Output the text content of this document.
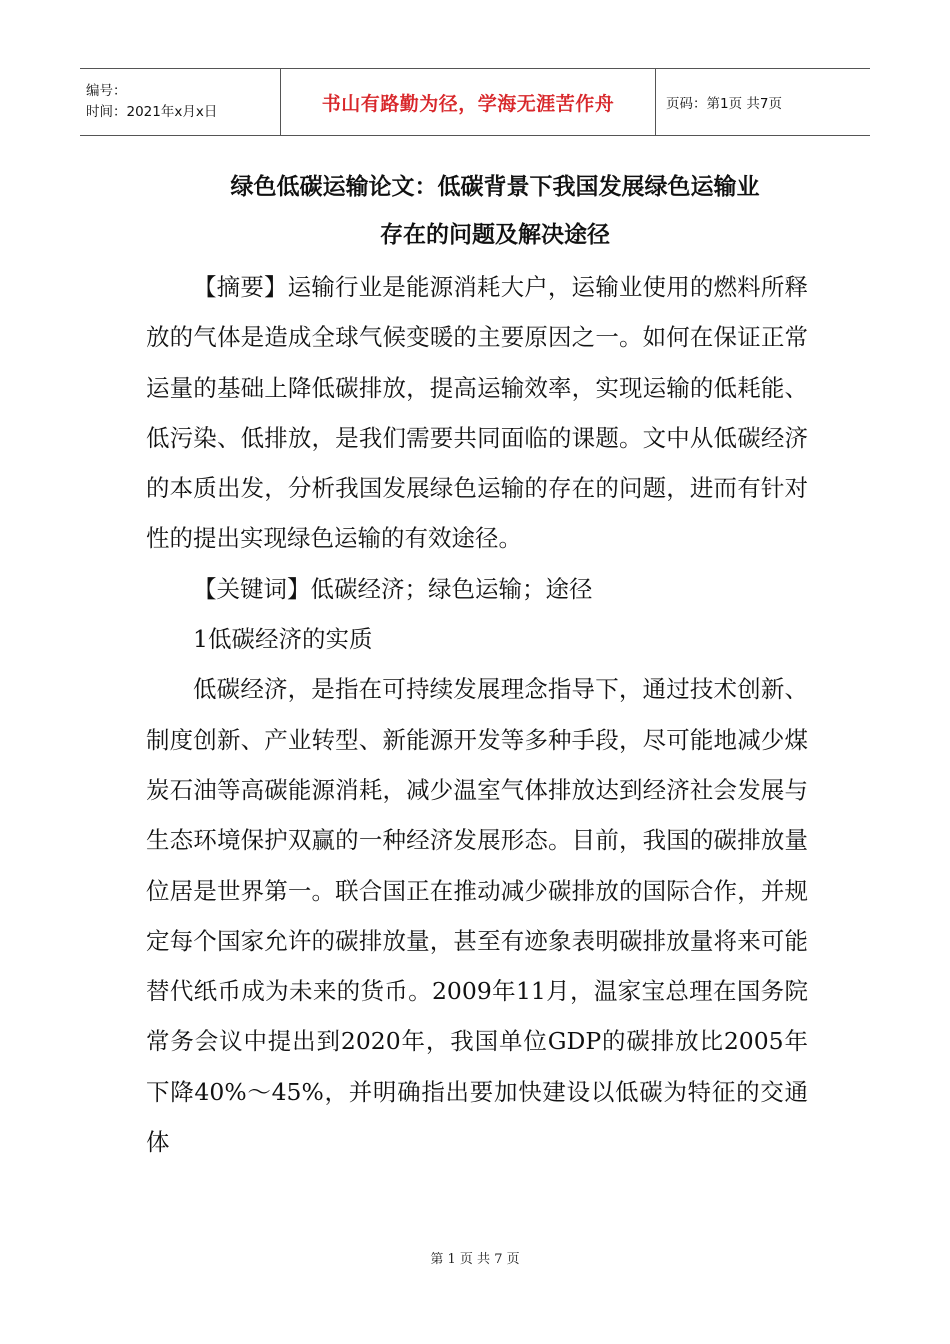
编号：
时间：2021年x月x日	书山有路勤为径，学海无涯苦作舟	页码：第1页 共7页
绿色低碳运输论文：低碳背景下我国发展绿色运输业
存在的问题及解决途径

【摘要】运输行业是能源消耗大户，运输业使用的燃料所释放的气体是造成全球气候变暖的主要原因之一。如何在保证正常运量的基础上降低碳排放，提高运输效率，实现运输的低耗能、低污染、低排放，是我们需要共同面临的课题。文中从低碳经济的本质出发，分析我国发展绿色运输的存在的问题，进而有针对性的提出实现绿色运输的有效途径。

【关键词】低碳经济；绿色运输；途径

1低碳经济的实质

低碳经济，是指在可持续发展理念指导下，通过技术创新、制度创新、产业转型、新能源开发等多种手段，尽可能地减少煤炭石油等高碳能源消耗，减少温室气体排放达到经济社会发展与生态环境保护双赢的一种经济发展形态。目前，我国的碳排放量位居是世界第一。联合国正在推动减少碳排放的国际合作，并规定每个国家允许的碳排放量，甚至有迹象表明碳排放量将来可能替代纸币成为未来的货币。2009年11月，温家宝总理在国务院常务会议中提出到2020年，我国单位GDP的碳排放比2005年下降40%～45%，并明确指出要加快建设以低碳为特征的交通体

第 1 页 共 7 页
